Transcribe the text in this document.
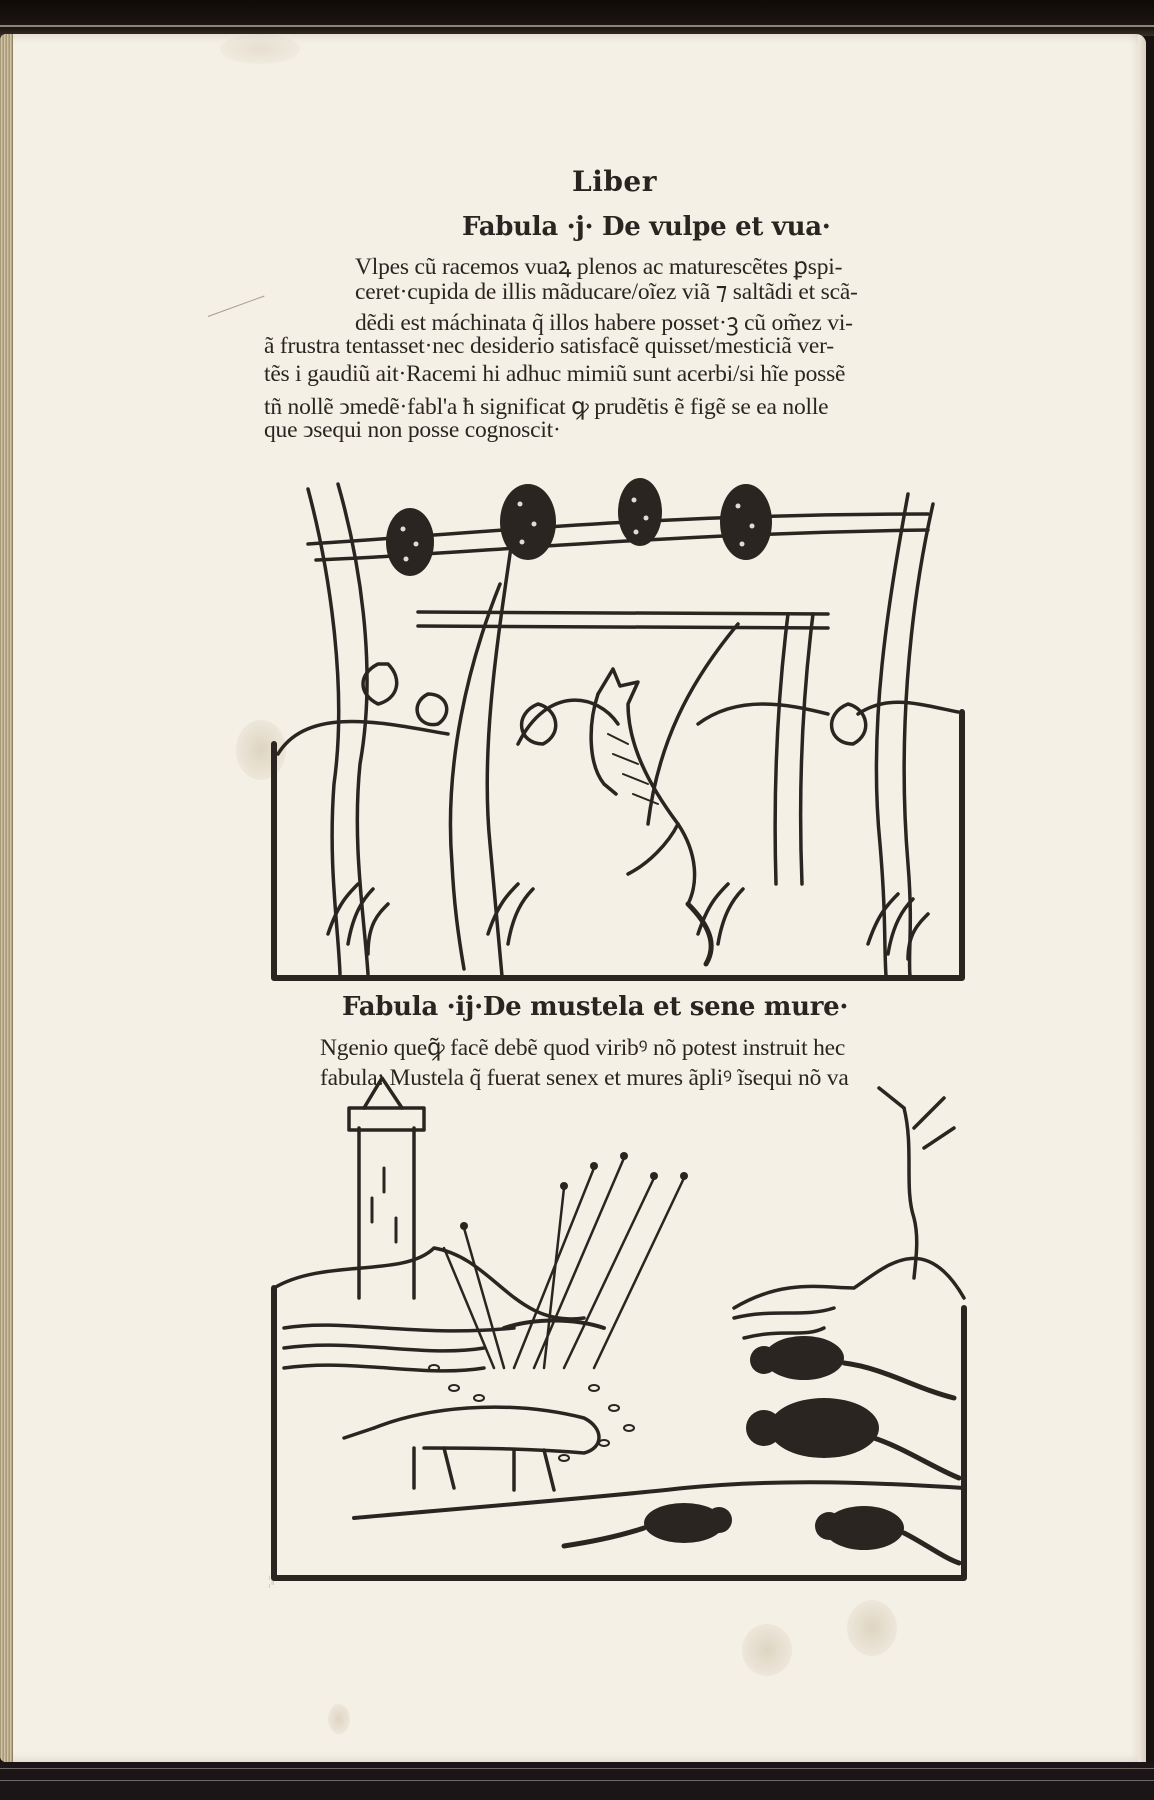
¦ǁ
Liber
Fabula ·j· De vulpe et vua·
Vlpes cũ racemos vuaꝝ plenos ac maturescẽtes ꝑspi-
ceret·cupida de illis mãducare/oĩez viã ⁊ saltãdi et scã-
dẽdi est máchinata q̃ illos habere posset·ꝫ cũ om̃ez vi-
ã frustra tentasset·nec desiderio satisfacẽ quisset/mesticiã ver-
tẽs i gaudiũ ait·Racemi hi adhuc mimiũ sunt acerbi/si hĩe possẽ
tñ nollẽ ↄmedẽ·fabl'a ħ significat ꝙ prudẽtis ẽ figẽ se ea nolle
que ↄsequi non posse cognoscit·
Fabula ·ij·De mustela et sene mure·
Ngenio queꝙ̃ facẽ debẽ quod viribꝰ nõ potest instruit hec
fabula: Mustela q̃ fuerat senex et mures ãpliꝰ ĩsequi nõ va
